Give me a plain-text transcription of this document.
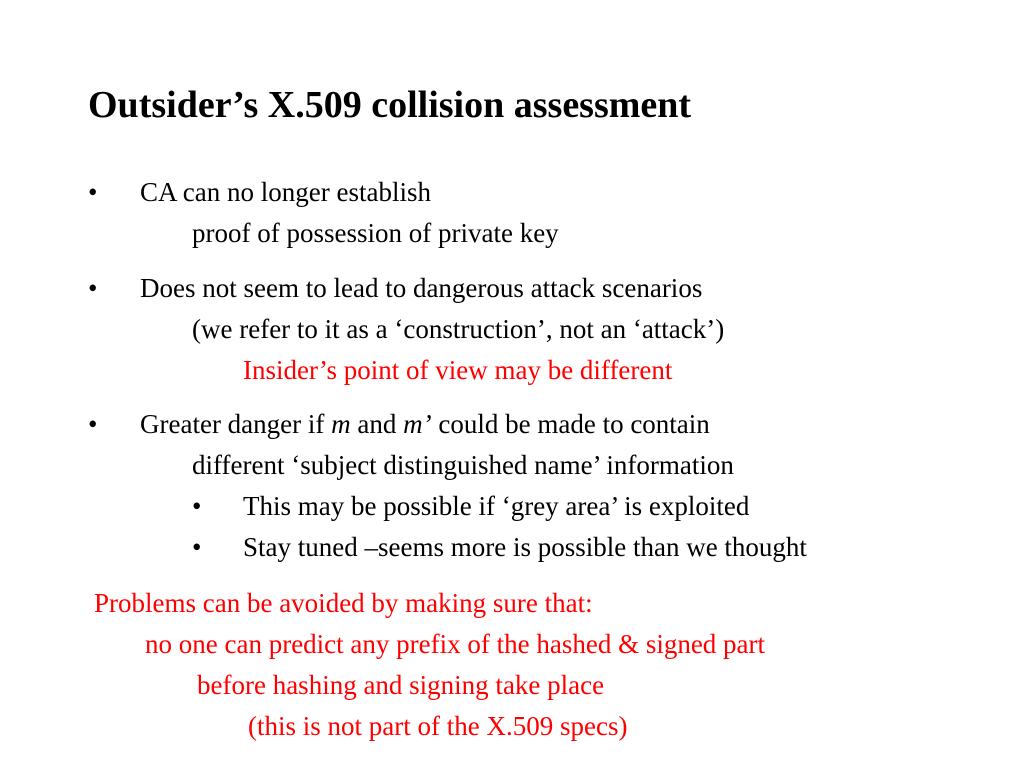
Outsider’s X.509 collision assessment
• CA can no longer establish
proof of possession of private key
• Does not seem to lead to dangerous attack scenarios
(we refer to it as a ‘construction’, not an ‘attack’)
Insider’s point of view may be different
• Greater danger if m and m’ could be made to contain
different ‘subject distinguished name’ information
• This may be possible if ‘grey area’ is exploited
• Stay tuned –seems more is possible than we thought
Problems can be avoided by making sure that:
no one can predict any prefix of the hashed & signed part
before hashing and signing take place
(this is not part of the X.509 specs)
